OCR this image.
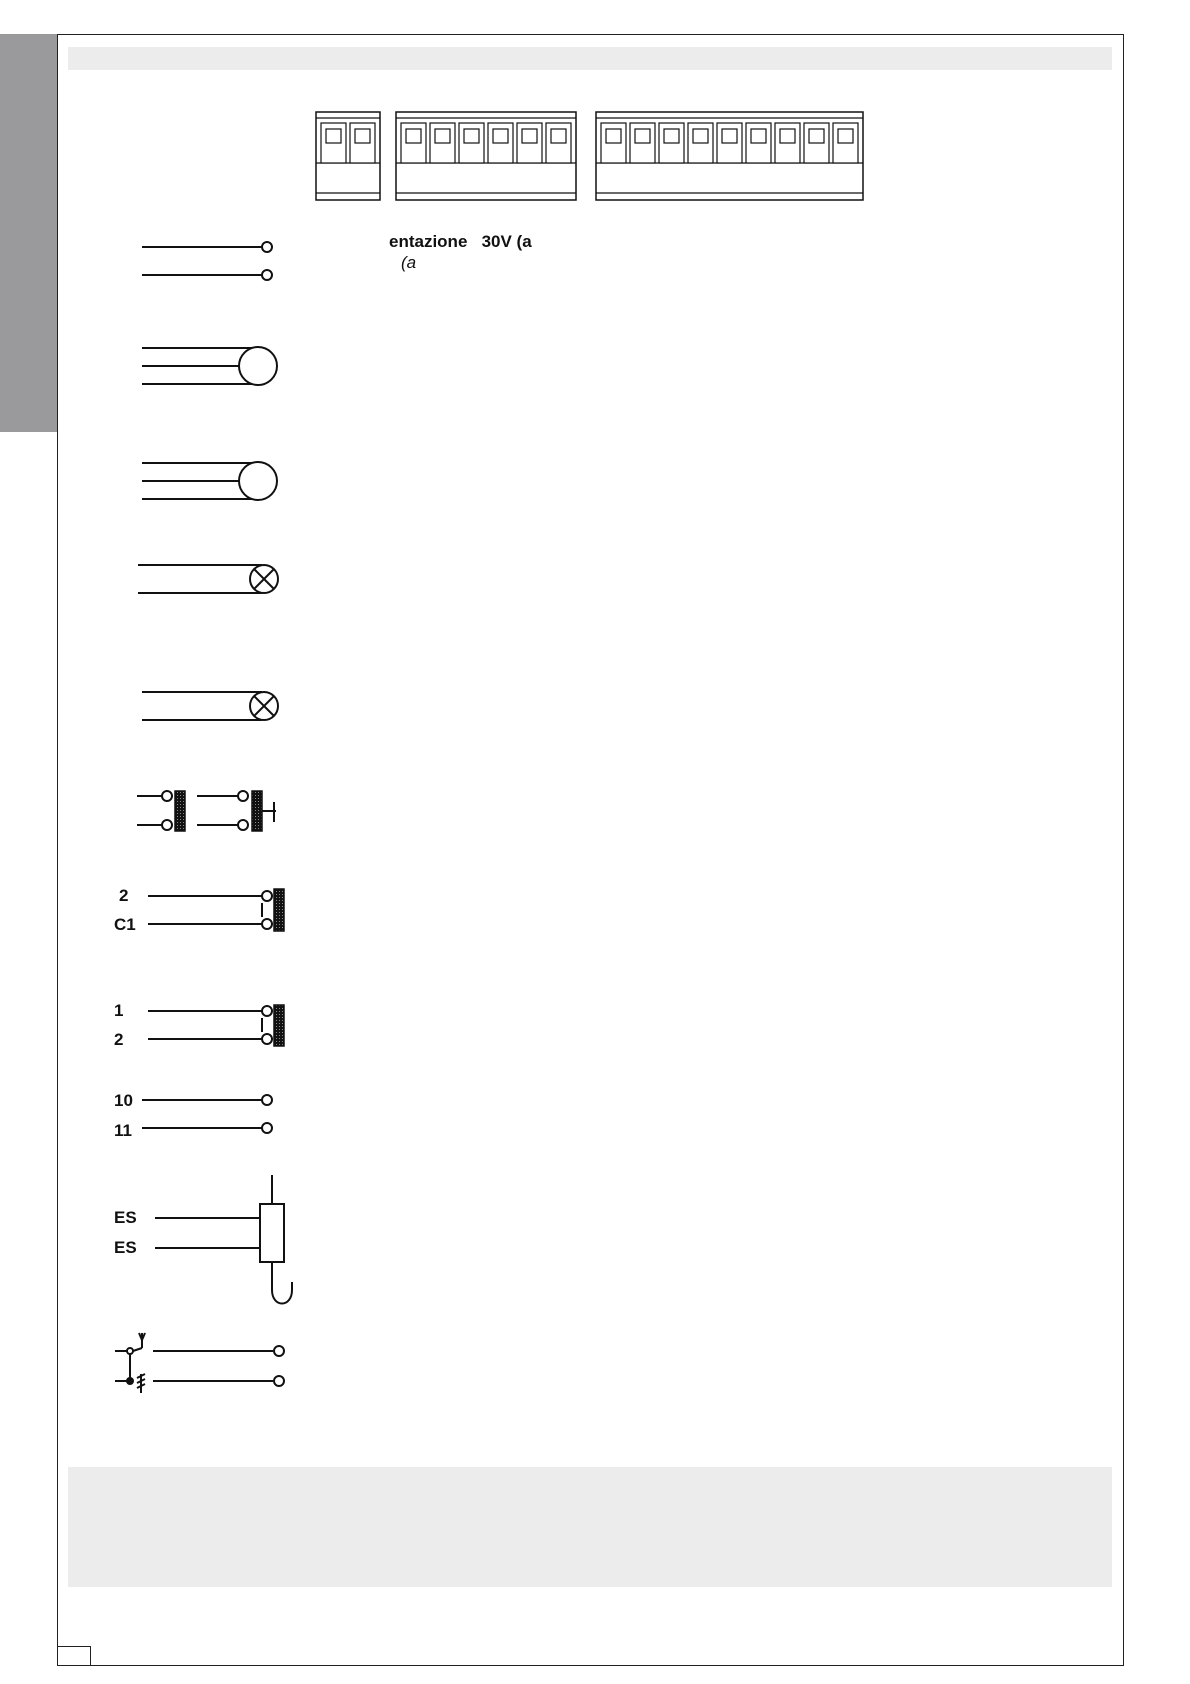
entazione   30V (a
(a
2
C1
1
2
10
11
ES
ES
